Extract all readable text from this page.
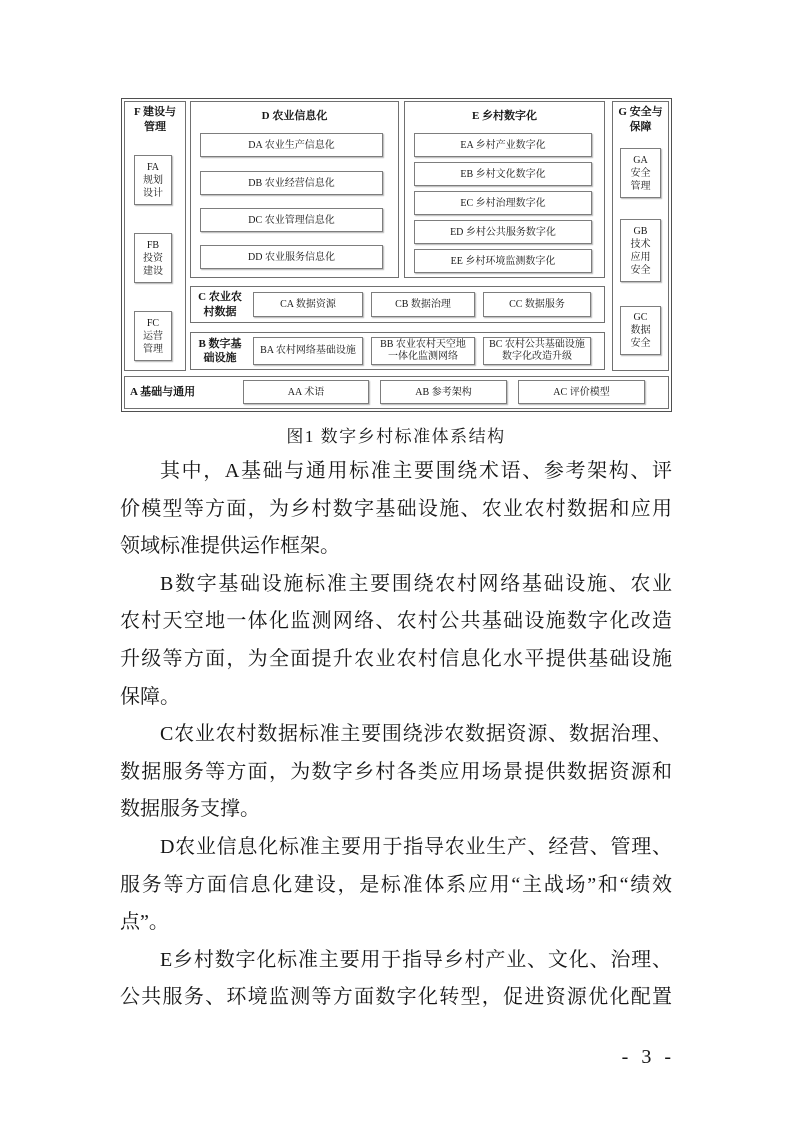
F 建设与
管理
FA
规划
设计
FB
投资
建设
FC
运营
管理
D 农业信息化
DA 农业生产信息化
DB 农业经营信息化
DC 农业管理信息化
DD 农业服务信息化
E 乡村数字化
EA 乡村产业数字化
EB 乡村文化数字化
EC 乡村治理数字化
ED 乡村公共服务数字化
EE 乡村环境监测数字化
G 安全与
保障
GA
安全
管理
GB
技术
应用
安全
GC
数据
安全
C 农业农
村数据
CA 数据资源	CB 数据治理	CC 数据服务
B 数字基
础设施
BA 农村网络基础设施
BB 农业农村天空地
一体化监测网络
BC 农村公共基础设施
数字化改造升级
A 基础与通用	AA 术语	AB 参考架构	AC 评价模型
图1 数字乡村标准体系结构
其中，A基础与通用标准主要围绕术语、参考架构、评
价模型等方面，为乡村数字基础设施、农业农村数据和应用
领域标准提供运作框架。
B数字基础设施标准主要围绕农村网络基础设施、农业
农村天空地一体化监测网络、农村公共基础设施数字化改造
升级等方面，为全面提升农业农村信息化水平提供基础设施
保障。
C农业农村数据标准主要围绕涉农数据资源、数据治理、
数据服务等方面，为数字乡村各类应用场景提供数据资源和
数据服务支撑。
D农业信息化标准主要用于指导农业生产、经营、管理、
服务等方面信息化建设，是标准体系应用“主战场”和“绩效
点”。
E乡村数字化标准主要用于指导乡村产业、文化、治理、
公共服务、环境监测等方面数字化转型，促进资源优化配置
- 3 -
